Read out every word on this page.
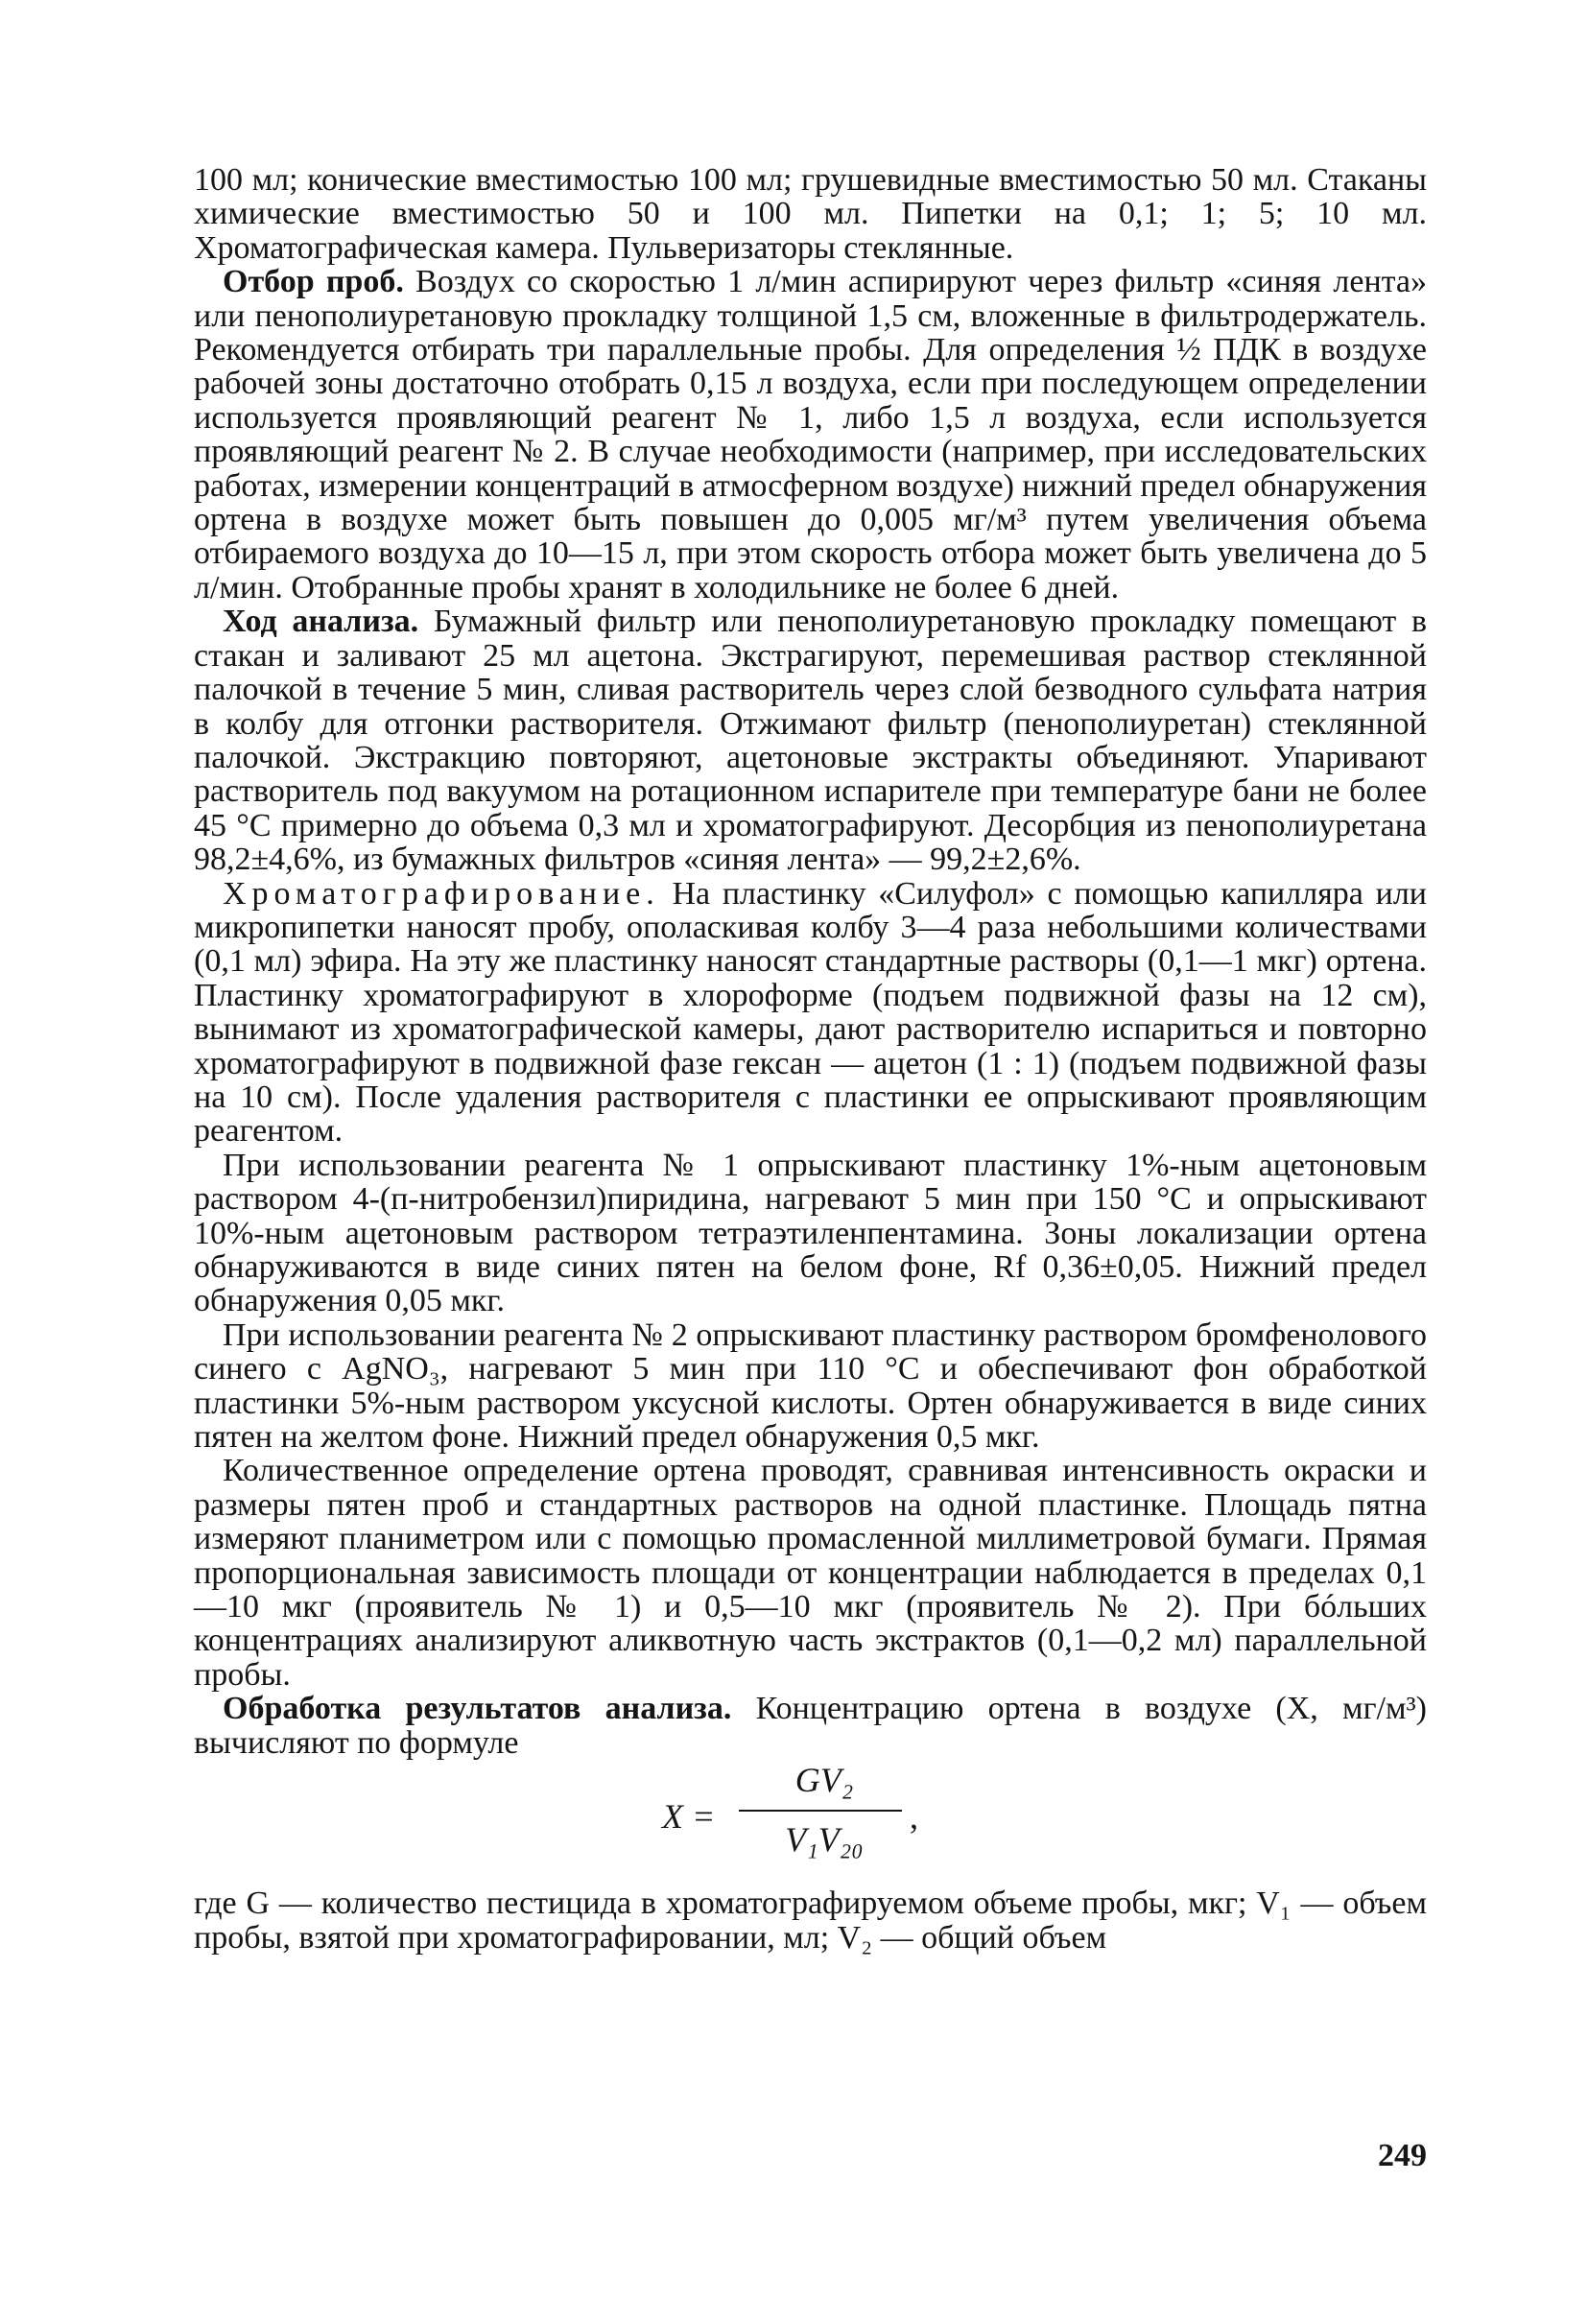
100 мл; конические вместимостью 100 мл; грушевидные вместимостью 50 мл. Стаканы химические вместимостью 50 и 100 мл. Пипетки на 0,1; 1; 5; 10 мл. Хроматографическая камера. Пульверизаторы стеклянные.

Отбор проб. Воздух со скоростью 1 л/мин аспирируют через фильтр «синяя лента» или пенополиуретановую прокладку толщиной 1,5 см, вложенные в фильтродержатель. Рекомендуется отбирать три параллельные пробы. Для определения ½ ПДК в воздухе рабочей зоны достаточно отобрать 0,15 л воздуха, если при последующем определении используется проявляющий реагент № 1, либо 1,5 л воздуха, если используется проявляющий реагент № 2. В случае необходимости (например, при исследовательских работах, измерении концентраций в атмосферном воздухе) нижний предел обнаружения ортена в воздухе может быть повышен до 0,005 мг/м³ путем увеличения объема отбираемого воздуха до 10—15 л, при этом скорость отбора может быть увеличена до 5 л/мин. Отобранные пробы хранят в холодильнике не более 6 дней.

Ход анализа. Бумажный фильтр или пенополиуретановую прокладку помещают в стакан и заливают 25 мл ацетона. Экстрагируют, перемешивая раствор стеклянной палочкой в течение 5 мин, сливая растворитель через слой безводного сульфата натрия в колбу для отгонки растворителя. Отжимают фильтр (пенополиуретан) стеклянной палочкой. Экстракцию повторяют, ацетоновые экстракты объединяют. Упаривают растворитель под вакуумом на ротационном испарителе при температуре бани не более 45 °С примерно до объема 0,3 мл и хроматографируют. Десорбция из пенополиуретана 98,2±4,6%, из бумажных фильтров «синяя лента» — 99,2±2,6%.

Хроматографирование. На пластинку «Силуфол» с помощью капилляра или микропипетки наносят пробу, ополаскивая колбу 3—4 раза небольшими количествами (0,1 мл) эфира. На эту же пластинку наносят стандартные растворы (0,1—1 мкг) ортена. Пластинку хроматографируют в хлороформе (подъем подвижной фазы на 12 см), вынимают из хроматографической камеры, дают растворителю испариться и повторно хроматографируют в подвижной фазе гексан — ацетон (1 : 1) (подъем подвижной фазы на 10 см). После удаления растворителя с пластинки ее опрыскивают проявляющим реагентом.

При использовании реагента № 1 опрыскивают пластинку 1%-ным ацетоновым раствором 4-(п-нитробензил)пиридина, нагревают 5 мин при 150 °С и опрыскивают 10%-ным ацетоновым раствором тетраэтиленпентамина. Зоны локализации ортена обнаруживаются в виде синих пятен на белом фоне, Rf 0,36±0,05. Нижний предел обнаружения 0,05 мкг.

При использовании реагента № 2 опрыскивают пластинку раствором бромфенолового синего с AgNO₃, нагревают 5 мин при 110 °С и обеспечивают фон обработкой пластинки 5%-ным раствором уксусной кислоты. Ортен обнаруживается в виде синих пятен на желтом фоне. Нижний предел обнаружения 0,5 мкг.

Количественное определение ортена проводят, сравнивая интенсивность окраски и размеры пятен проб и стандартных растворов на одной пластинке. Площадь пятна измеряют планиметром или с помощью промасленной миллиметровой бумаги. Прямая пропорциональная зависимость площади от концентрации наблюдается в пределах 0,1—10 мкг (проявитель № 1) и 0,5—10 мкг (проявитель № 2). При бóльших концентрациях анализируют аликвотную часть экстрактов (0,1—0,2 мл) параллельной пробы.

Обработка результатов анализа. Концентрацию ортена в воздухе (X, мг/м³) вычисляют по формуле

X =
GV₂
V₁V₂₀
,

где G — количество пестицида в хроматографируемом объеме пробы, мкг; V₁ — объем пробы, взятой при хроматографировании, мл; V₂ — общий объем

249
